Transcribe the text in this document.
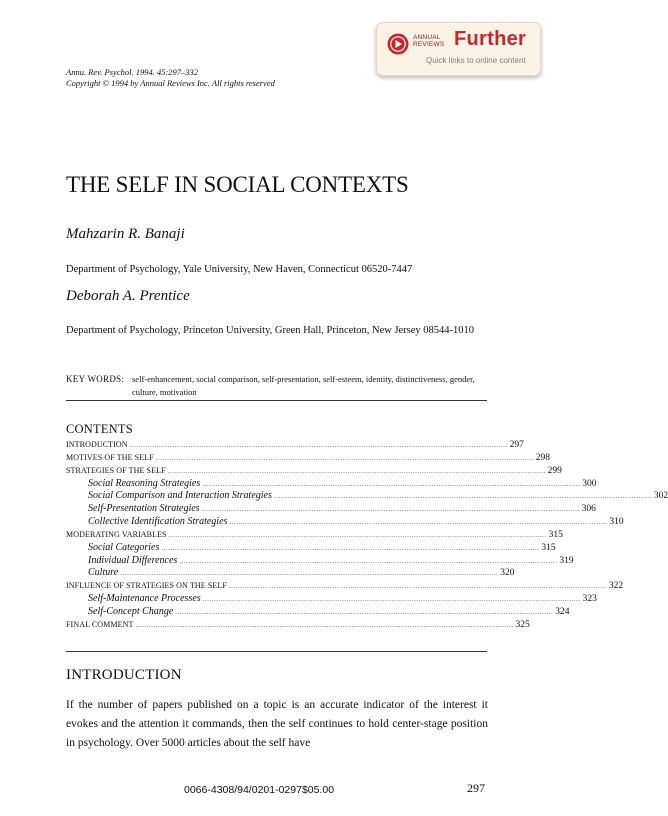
ANNUAL
REVIEWS Further
Quick links to online content
Annu. Rev. Psychol. 1994. 45:297–332
Copyright © 1994 by Annual Reviews Inc. All rights reserved
THE SELF IN SOCIAL CONTEXTS
Mahzarin R. Banaji
Department of Psychology, Yale University, New Haven, Connecticut 06520-7447
Deborah A. Prentice
Department of Psychology, Princeton University, Green Hall, Princeton, New Jersey 08544-1010
KEY WORDS: self-enhancement, social comparison, self-presentation, self-esteem, identity, distinctiveness, gender, culture, motivation
CONTENTS
INTRODUCTION ........................................................................................................................................................................ 297
MOTIVES OF THE SELF ........................................................................................................................................................................ 298
STRATEGIES OF THE SELF ........................................................................................................................................................................ 299
Social Reasoning Strategies ........................................................................................................................................................................ 300
Social Comparison and Interaction Strategies ........................................................................................................................................................................ 302
Self-Presentation Strategies ........................................................................................................................................................................ 306
Collective Identification Strategies ........................................................................................................................................................................ 310
MODERATING VARIABLES ........................................................................................................................................................................ 315
Social Categories ........................................................................................................................................................................ 315
Individual Differences ........................................................................................................................................................................ 319
Culture ........................................................................................................................................................................ 320
INFLUENCE OF STRATEGIES ON THE SELF ........................................................................................................................................................................ 322
Self-Maintenance Processes ........................................................................................................................................................................ 323
Self-Concept Change ........................................................................................................................................................................ 324
FINAL COMMENT ........................................................................................................................................................................ 325
INTRODUCTION
If the number of papers published on a topic is an accurate indicator of the interest it evokes and the attention it commands, then the self continues to hold center-stage position in psychology. Over 5000 articles about the self have
0066-4308/94/0201-0297$05.00	297
